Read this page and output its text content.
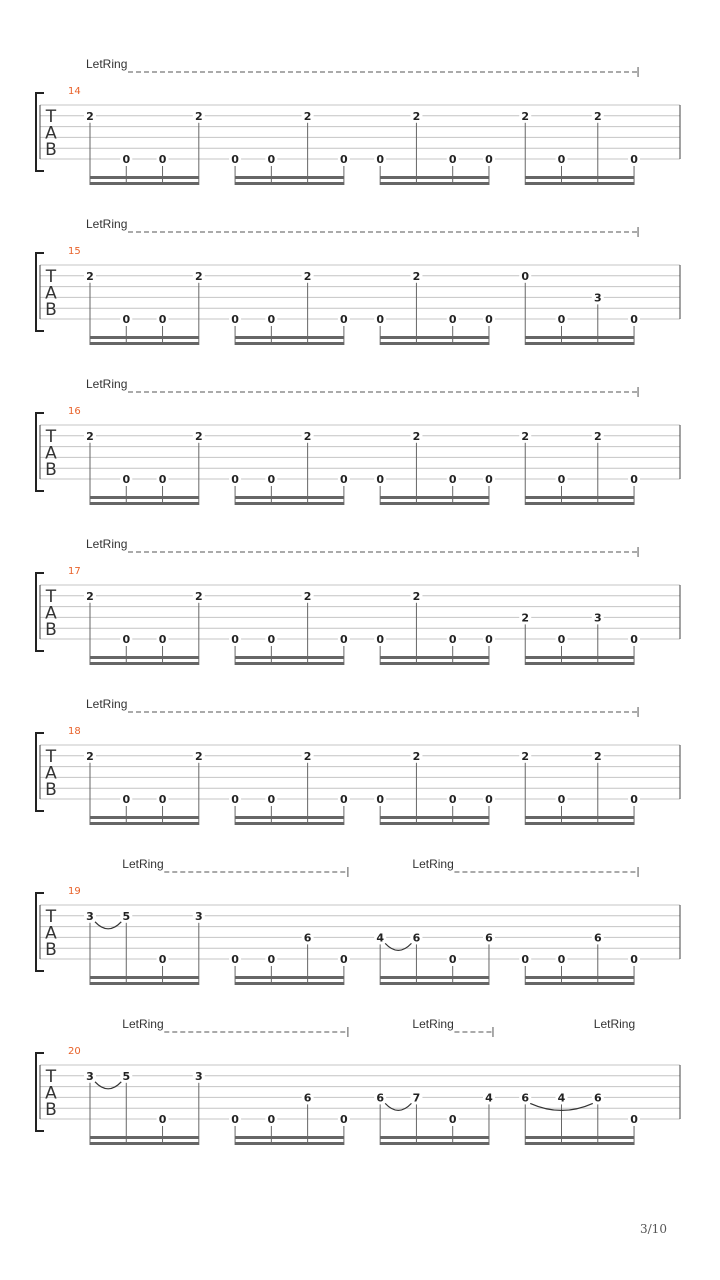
T
A
B
14
LetRing
2
0	0
2
0	0
2
0	0
2
0	0
2
0
2
0
T
A
B
15
LetRing
2
0	0
2
0	0
2
0	0
2
0	0
0
0
3
0
T
A
B
16
LetRing
2
0	0
2
0	0
2
0	0
2
0	0
2
0
2
0
T
A
B
17
LetRing
2
0	0
2
0	0
2
0	0
2
0	0
2
0
3
0
T
A
B
18
LetRing
2
0	0
2
0	0
2
0	0
2
0	0
2
0
2
0
T
A
B
19
LetRing	LetRing
3	5
0
3
0	0
6
0
4	6
0
6
0	0
6
0
T
A
B
20
LetRing	LetRing	LetRing
3	5
0
3
0	0
6
0
6	7
0
4	6	4	6
0
3/10
